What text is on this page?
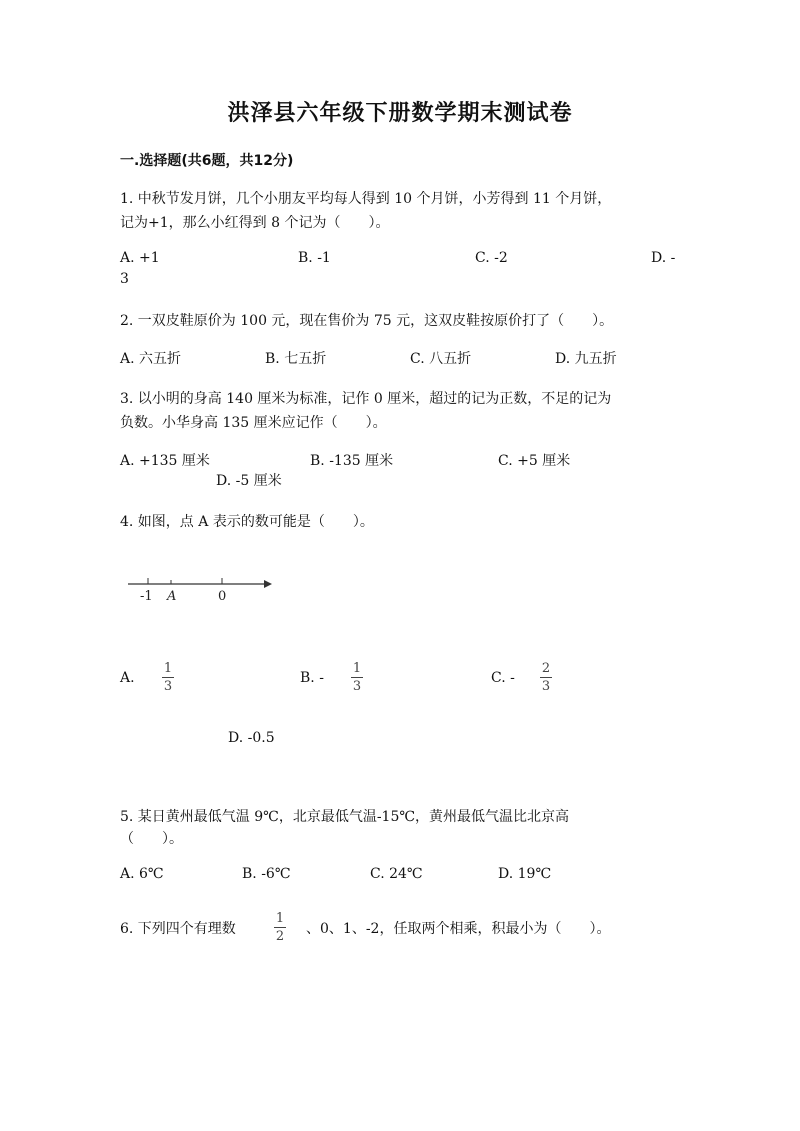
洪泽县六年级下册数学期末测试卷
一.选择题(共6题，共12分)
1. 中秋节发月饼，几个小朋友平均每人得到 10 个月饼，小芳得到 11 个月饼，
记为+1，那么小红得到 8 个记为（　　）。
A. +1	B. -1	C. -2	D. -
3
2. 一双皮鞋原价为 100 元，现在售价为 75 元，这双皮鞋按原价打了（　　）。
A. 六五折	B. 七五折	C. 八五折	D. 九五折
3. 以小明的身高 140 厘米为标准，记作 0 厘米，超过的记为正数，不足的记为
负数。小华身高 135 厘米应记作（　　）。
A. +135 厘米	B. -135 厘米	C. +5 厘米
D. -5 厘米
4. 如图，点 A 表示的数可能是（　　）。
-1 A	0
A.
1
3
B. -
1
3
C. -
2
3
D. -0.5
5. 某日黄州最低气温 9℃，北京最低气温-15℃，黄州最低气温比北京高
（　　）。
A. 6℃	B. -6℃	C. 24℃	D. 19℃
6. 下列四个有理数
1
2 、0、1、-2，任取两个相乘，积最小为（　　）。
